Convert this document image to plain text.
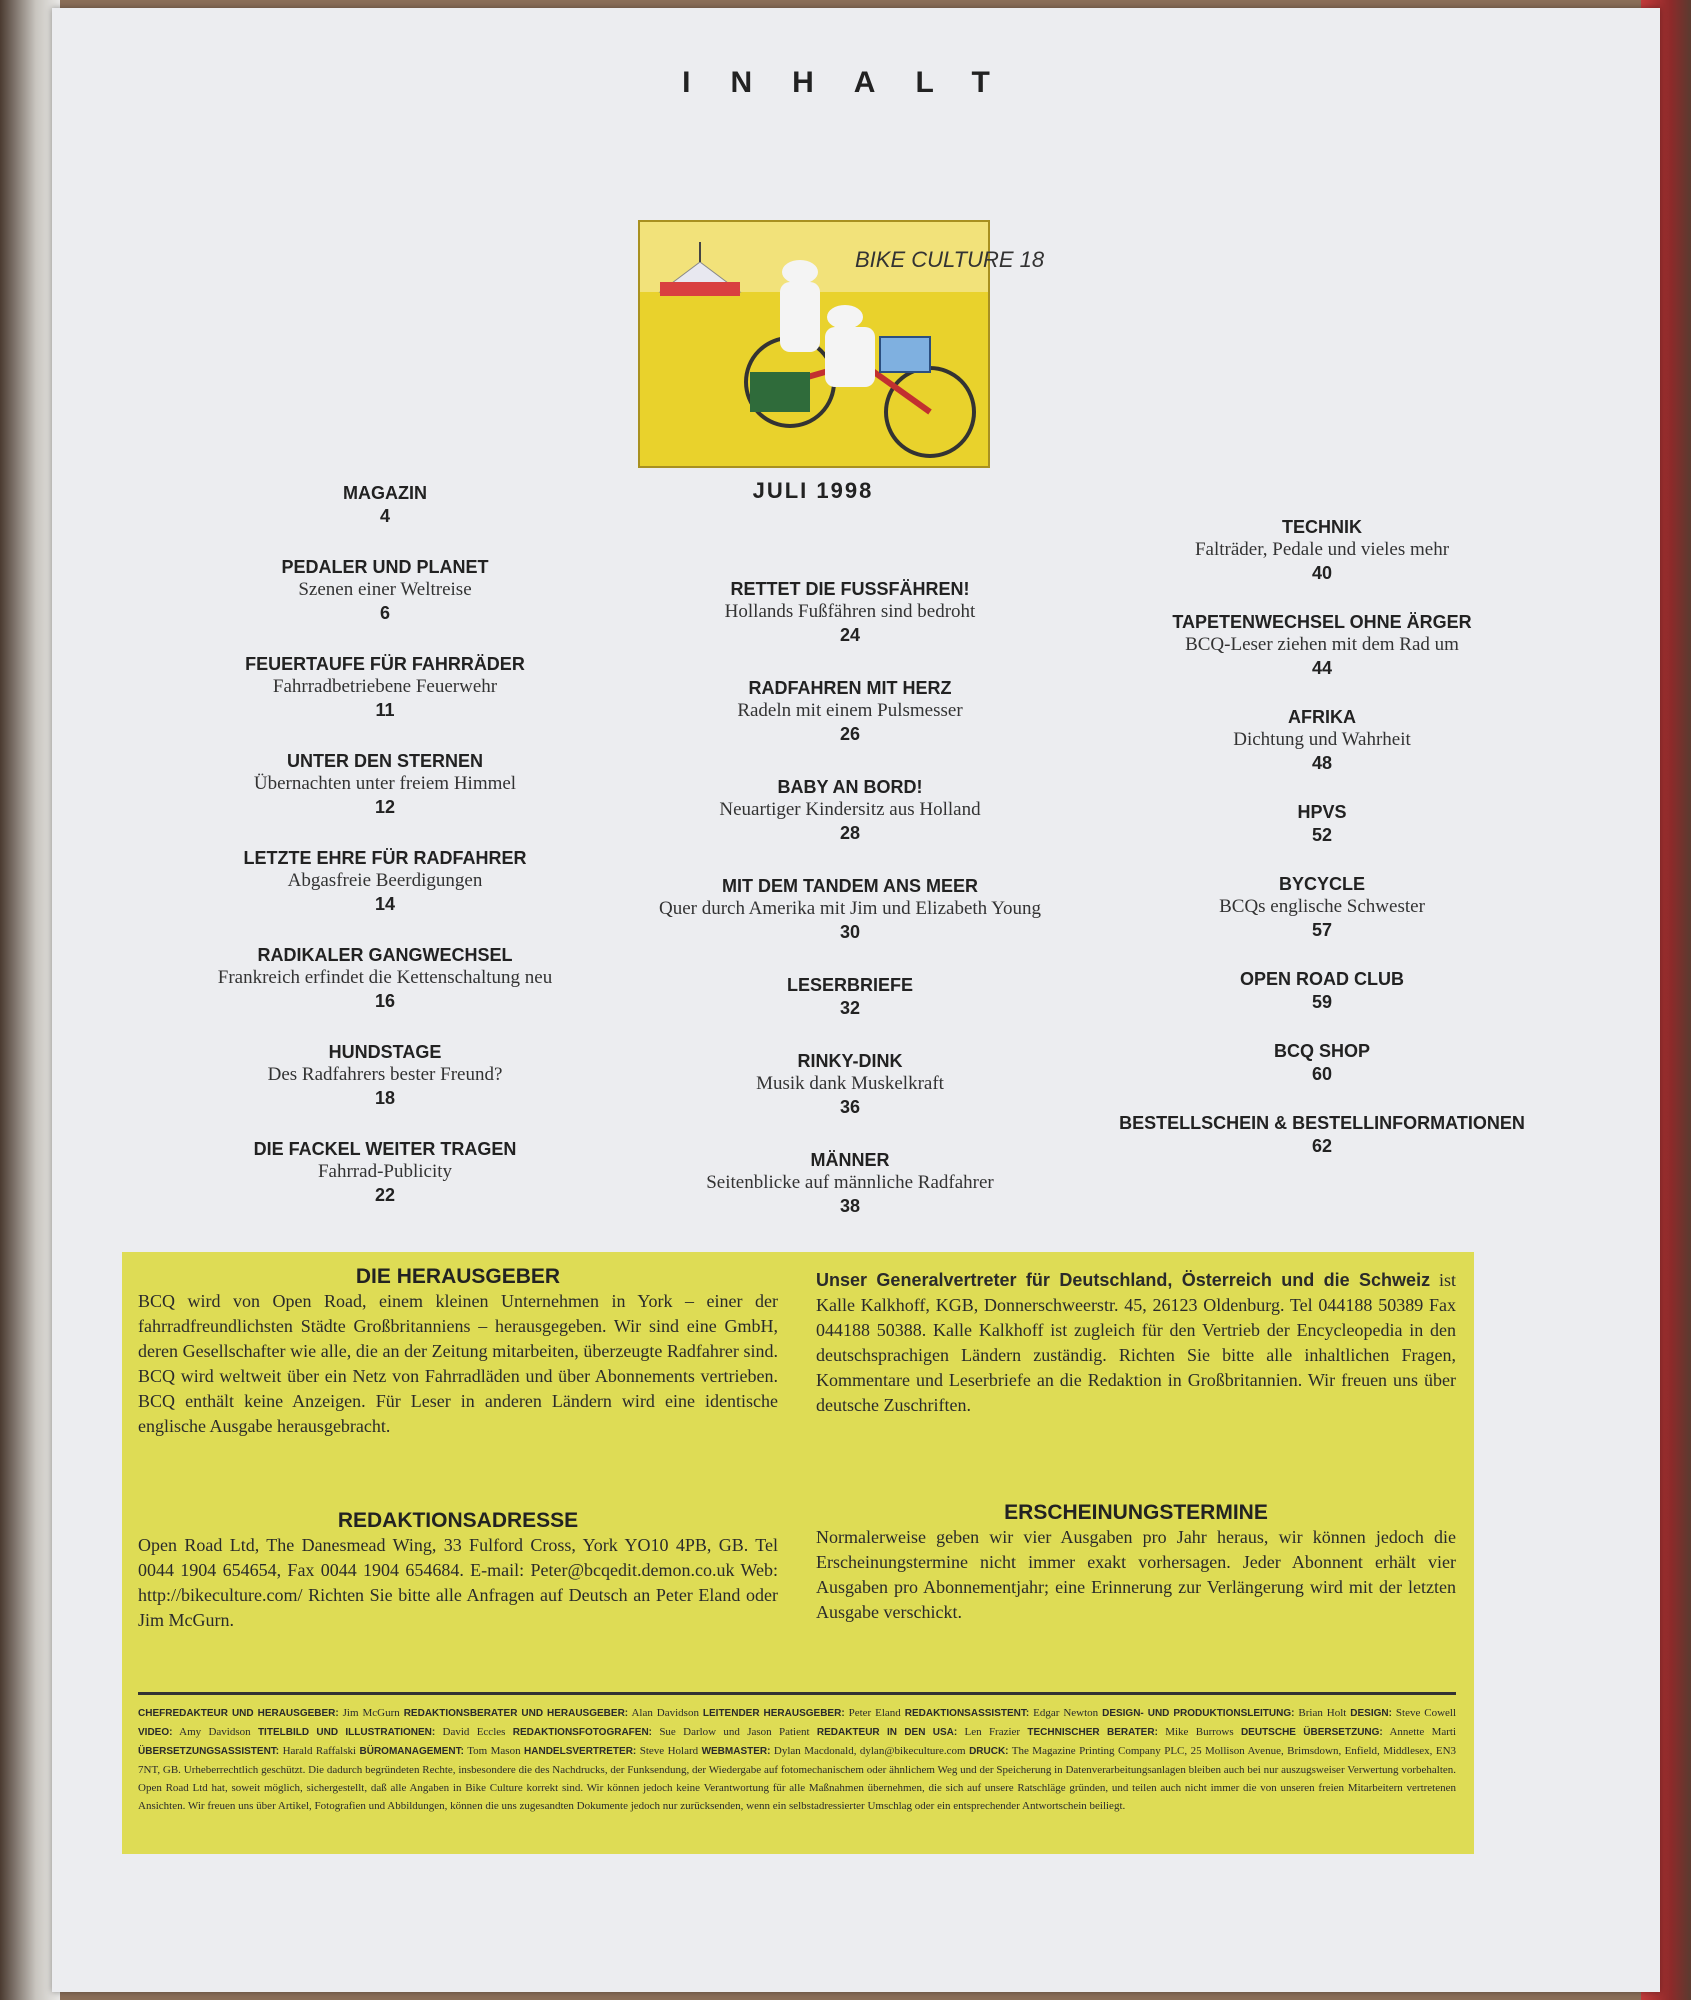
INHALT
BIKE CULTURE 18
JULI 1998
MAGAZIN
4
PEDALER UND PLANET
Szenen einer Weltreise
6
FEUERTAUFE FÜR FAHRRÄDER
Fahrradbetriebene Feuerwehr
11
UNTER DEN STERNEN
Übernachten unter freiem Himmel
12
LETZTE EHRE FÜR RADFAHRER
Abgasfreie Beerdigungen
14
RADIKALER GANGWECHSEL
Frankreich erfindet die Kettenschaltung neu
16
HUNDSTAGE
Des Radfahrers bester Freund?
18
DIE FACKEL WEITER TRAGEN
Fahrrad-Publicity
22
RETTET DIE FUSSFÄHREN!
Hollands Fußfähren sind bedroht
24
RADFAHREN MIT HERZ
Radeln mit einem Pulsmesser
26
BABY AN BORD!
Neuartiger Kindersitz aus Holland
28
MIT DEM TANDEM ANS MEER
Quer durch Amerika mit Jim und Elizabeth Young
30
LESERBRIEFE
32
RINKY-DINK
Musik dank Muskelkraft
36
MÄNNER
Seitenblicke auf männliche Radfahrer
38
TECHNIK
Falträder, Pedale und vieles mehr
40
TAPETENWECHSEL OHNE ÄRGER
BCQ-Leser ziehen mit dem Rad um
44
AFRIKA
Dichtung und Wahrheit
48
HPVS
52
BYCYCLE
BCQs englische Schwester
57
OPEN ROAD CLUB
59
BCQ SHOP
60
BESTELLSCHEIN & BESTELLINFORMATIONEN
62
DIE HERAUSGEBER
BCQ wird von Open Road, einem kleinen Unternehmen in York – einer der fahrradfreundlichsten Städte Großbritanniens – herausgegeben. Wir sind eine GmbH, deren Gesellschafter wie alle, die an der Zeitung mitarbeiten, überzeugte Radfahrer sind. BCQ wird weltweit über ein Netz von Fahrradläden und über Abonnements vertrieben. BCQ enthält keine Anzeigen. Für Leser in anderen Ländern wird eine identische englische Ausgabe herausgebracht.
REDAKTIONSADRESSE
Open Road Ltd, The Danesmead Wing, 33 Fulford Cross, York YO10 4PB, GB. Tel 0044 1904 654654, Fax 0044 1904 654684. E-mail: Peter@bcqedit.demon.co.uk Web: http://bikeculture.com/ Richten Sie bitte alle Anfragen auf Deutsch an Peter Eland oder Jim McGurn.
Unser Generalvertreter für Deutschland, Österreich und die Schweiz ist Kalle Kalkhoff, KGB, Donnerschweerstr. 45, 26123 Oldenburg. Tel 044188 50389 Fax 044188 50388. Kalle Kalkhoff ist zugleich für den Vertrieb der Encycleopedia in den deutschsprachigen Ländern zuständig. Richten Sie bitte alle inhaltlichen Fragen, Kommentare und Leserbriefe an die Redaktion in Großbritannien. Wir freuen uns über deutsche Zuschriften.
ERSCHEINUNGSTERMINE
Normalerweise geben wir vier Ausgaben pro Jahr heraus, wir können jedoch die Erscheinungstermine nicht immer exakt vorhersagen. Jeder Abonnent erhält vier Ausgaben pro Abonnementjahr; eine Erinnerung zur Verlängerung wird mit der letzten Ausgabe verschickt.
CHEFREDAKTEUR UND HERAUSGEBER: Jim McGurn REDAKTIONSBERATER UND HERAUSGEBER: Alan Davidson LEITENDER HERAUSGEBER: Peter Eland REDAKTIONSASSISTENT: Edgar Newton DESIGN- UND PRODUKTIONSLEITUNG: Brian Holt DESIGN: Steve Cowell VIDEO: Amy Davidson TITELBILD UND ILLUSTRATIONEN: David Eccles REDAKTIONSFOTOGRAFEN: Sue Darlow und Jason Patient REDAKTEUR IN DEN USA: Len Frazier TECHNISCHER BERATER: Mike Burrows DEUTSCHE ÜBERSETZUNG: Annette Marti ÜBERSETZUNGSASSISTENT: Harald Raffalski BÜROMANAGEMENT: Tom Mason HANDELSVERTRETER: Steve Holard WEBMASTER: Dylan Macdonald, dylan@bikeculture.com DRUCK: The Magazine Printing Company PLC, 25 Mollison Avenue, Brimsdown, Enfield, Middlesex, EN3 7NT, GB. Urheberrechtlich geschützt. Die dadurch begründeten Rechte, insbesondere die des Nachdrucks, der Funksendung, der Wiedergabe auf fotomechanischem oder ähnlichem Weg und der Speicherung in Datenverarbeitungsanlagen bleiben auch bei nur auszugsweiser Verwertung vorbehalten. Open Road Ltd hat, soweit möglich, sichergestellt, daß alle Angaben in Bike Culture korrekt sind. Wir können jedoch keine Verantwortung für alle Maßnahmen übernehmen, die sich auf unsere Ratschläge gründen, und teilen auch nicht immer die von unseren freien Mitarbeitern vertretenen Ansichten. Wir freuen uns über Artikel, Fotografien und Abbildungen, können die uns zugesandten Dokumente jedoch nur zurücksenden, wenn ein selbstadressierter Umschlag oder ein entsprechender Antwortschein beiliegt.
